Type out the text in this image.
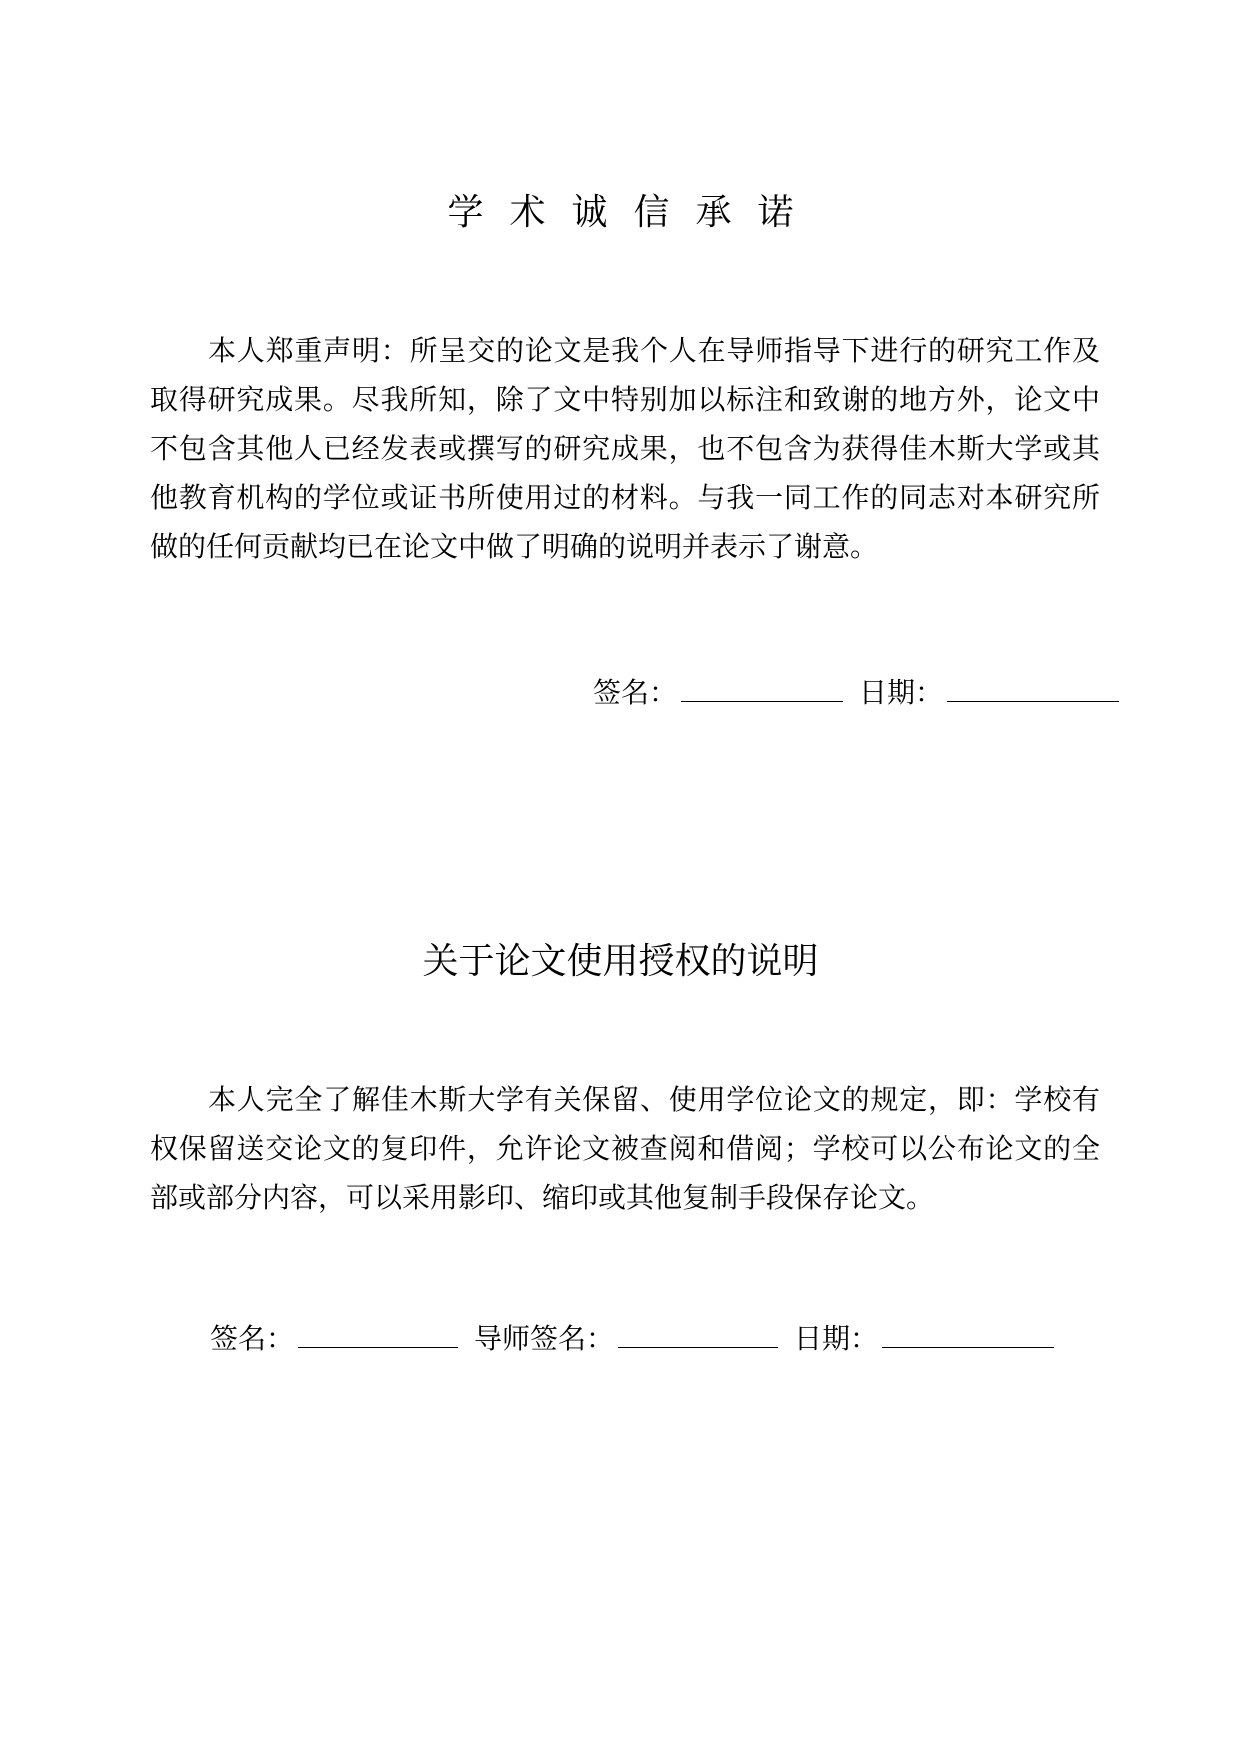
学术诚信承诺

本人郑重声明：所呈交的论文是我个人在导师指导下进行的研究工作及取得研究成果。尽我所知，除了文中特别加以标注和致谢的地方外，论文中不包含其他人已经发表或撰写的研究成果，也不包含为获得佳木斯大学或其他教育机构的学位或证书所使用过的材料。与我一同工作的同志对本研究所做的任何贡献均已在论文中做了明确的说明并表示了谢意。

签名：	日期：
关于论文使用授权的说明

本人完全了解佳木斯大学有关保留、使用学位论文的规定，即：学校有权保留送交论文的复印件，允许论文被查阅和借阅；学校可以公布论文的全部或部分内容，可以采用影印、缩印或其他复制手段保存论文。

签名：	导师签名：	日期：
